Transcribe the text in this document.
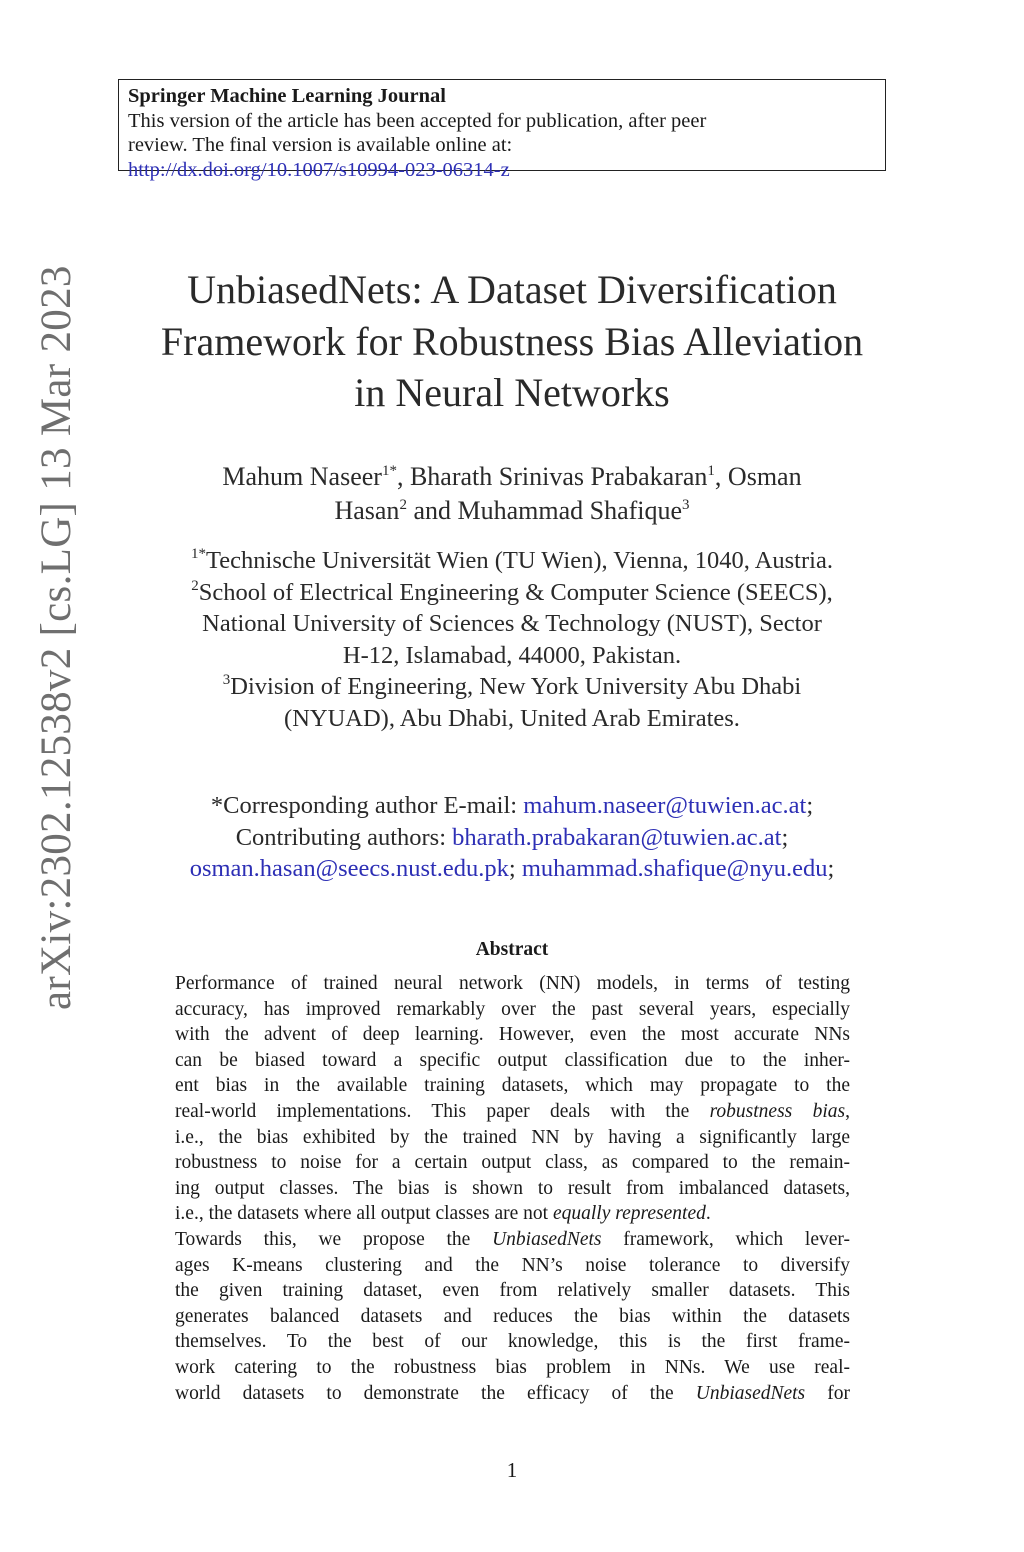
Springer Machine Learning Journal
This version of the article has been accepted for publication, after peer
review. The final version is available online at:
http://dx.doi.org/10.1007/s10994-023-06314-z
arXiv:2302.12538v2 [cs.LG] 13 Mar 2023	UnbiasedNets: A Dataset Diversification
Framework for Robustness Bias Alleviation
in Neural Networks
Mahum Naseer$^{1*}$, Bharath Srinivas Prabakaran$^1$, Osman
Hasan$^2$ and Muhammad Shafique$^3$
$^{1*}$Technische Universität Wien (TU Wien), Vienna, 1040, Austria.
$^2$School of Electrical Engineering & Computer Science (SEECS),
National University of Sciences & Technology (NUST), Sector
H-12, Islamabad, 44000, Pakistan.
$^3$Division of Engineering, New York University Abu Dhabi
(NYUAD), Abu Dhabi, United Arab Emirates.
*Corresponding author E-mail: mahum.naseer@tuwien.ac.at;
Contributing authors: bharath.prabakaran@tuwien.ac.at;
osman.hasan@seecs.nust.edu.pk; muhammad.shafique@nyu.edu;
Abstract
Performance of trained neural network (NN) models, in terms of testing
accuracy, has improved remarkably over the past several years, especially
with the advent of deep learning. However, even the most accurate NNs
can be biased toward a specific output classification due to the inher-
ent bias in the available training datasets, which may propagate to the
real-world implementations. This paper deals with the robustness bias,
i.e., the bias exhibited by the trained NN by having a significantly large
robustness to noise for a certain output class, as compared to the remain-
ing output classes. The bias is shown to result from imbalanced datasets,
i.e., the datasets where all output classes are not equally represented.
Towards this, we propose the UnbiasedNets framework, which lever-
ages K-means clustering and the NN’s noise tolerance to diversify
the given training dataset, even from relatively smaller datasets. This
generates balanced datasets and reduces the bias within the datasets
themselves. To the best of our knowledge, this is the first frame-
work catering to the robustness bias problem in NNs. We use real-
world datasets to demonstrate the efficacy of the UnbiasedNets for
1
